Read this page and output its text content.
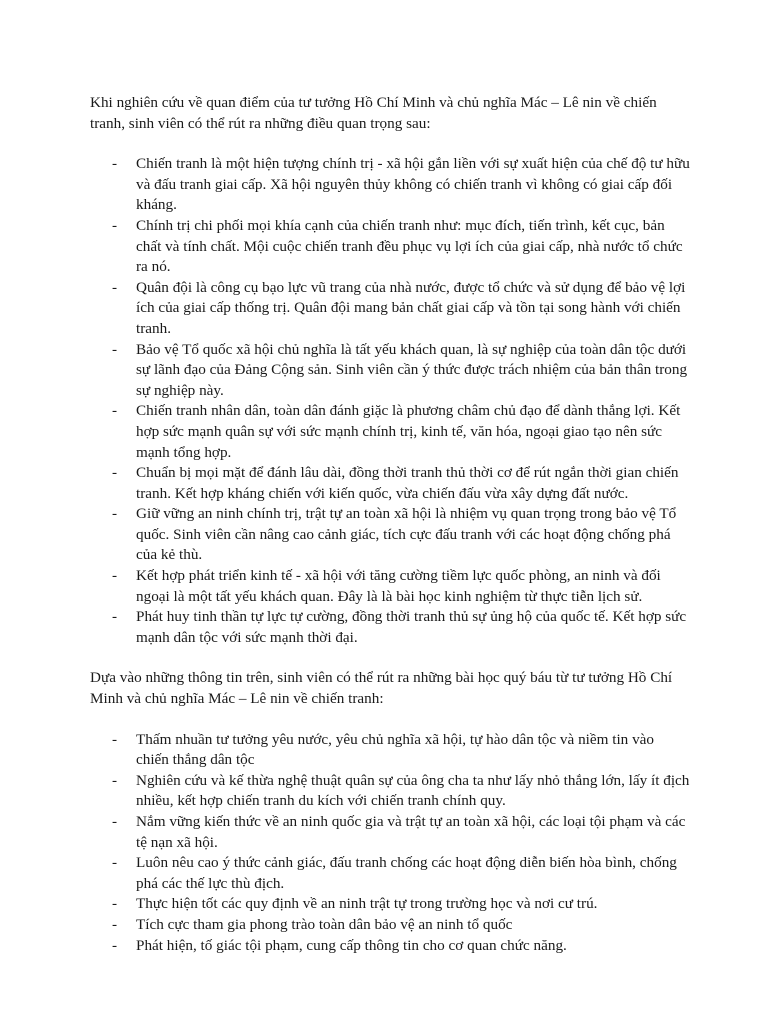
Khi nghiên cứu về quan điểm của tư tưởng Hồ Chí Minh và chủ nghĩa Mác – Lê nin về chiến tranh, sinh viên có thể rút ra những điều quan trọng sau:

- Chiến tranh là một hiện tượng chính trị - xã hội gắn liền với sự xuất hiện của chế độ tư hữu và đấu tranh giai cấp. Xã hội nguyên thủy không có chiến tranh vì không có giai cấp đối kháng.
- Chính trị chi phối mọi khía cạnh của chiến tranh như: mục đích, tiến trình, kết cục, bản chất và tính chất. Mội cuộc chiến tranh đều phục vụ lợi ích của giai cấp, nhà nước tổ chức ra nó.
- Quân đội là công cụ bạo lực vũ trang của nhà nước, được tổ chức và sử dụng để bảo vệ lợi ích của giai cấp thống trị. Quân đội mang bản chất giai cấp và tồn tại song hành với chiến tranh.
- Bảo vệ Tổ quốc xã hội chủ nghĩa là tất yếu khách quan, là sự nghiệp của toàn dân tộc dưới sự lãnh đạo của Đảng Cộng sản. Sinh viên cần ý thức được trách nhiệm của bản thân trong sự nghiệp này.
- Chiến tranh nhân dân, toàn dân đánh giặc là phương châm chủ đạo để dành thắng lợi. Kết hợp sức mạnh quân sự với sức mạnh chính trị, kinh tế, văn hóa, ngoại giao tạo nên sức mạnh tổng hợp.
- Chuẩn bị mọi mặt để đánh lâu dài, đồng thời tranh thủ thời cơ để rút ngắn thời gian chiến tranh. Kết hợp kháng chiến với kiến quốc, vừa chiến đấu vừa xây dựng đất nước.
- Giữ vững an ninh chính trị, trật tự an toàn xã hội là nhiệm vụ quan trọng trong bảo vệ Tổ quốc. Sinh viên cần nâng cao cảnh giác, tích cực đấu tranh với các hoạt động chống phá của kẻ thù.
- Kết hợp phát triển kinh tế - xã hội với tăng cường tiềm lực quốc phòng, an ninh và đối ngoại là một tất yếu khách quan. Đây là là bài học kinh nghiệm từ thực tiễn lịch sử.
- Phát huy tinh thần tự lực tự cường, đồng thời tranh thủ sự ủng hộ của quốc tế. Kết hợp sức mạnh dân tộc với sức mạnh thời đại.

Dựa vào những thông tin trên, sinh viên có thể rút ra những bài học quý báu từ tư tưởng Hồ Chí Minh và chủ nghĩa Mác – Lê nin về chiến tranh:

- Thấm nhuần tư tưởng yêu nước, yêu chủ nghĩa xã hội, tự hào dân tộc và niềm tin vào chiến thắng dân tộc
- Nghiên cứu và kế thừa nghệ thuật quân sự của ông cha ta như lấy nhỏ thắng lớn, lấy ít địch nhiều, kết hợp chiến tranh du kích với chiến tranh chính quy.
- Nắm vững kiến thức về an ninh quốc gia và trật tự an toàn xã hội, các loại tội phạm và các tệ nạn xã hội.
- Luôn nêu cao ý thức cảnh giác, đấu tranh chống các hoạt động diễn biến hòa bình, chống phá các thế lực thù địch.
- Thực hiện tốt các quy định về an ninh trật tự trong trường học và nơi cư trú.
- Tích cực tham gia phong trào toàn dân bảo vệ an ninh tổ quốc
- Phát hiện, tố giác tội phạm, cung cấp thông tin cho cơ quan chức năng.
